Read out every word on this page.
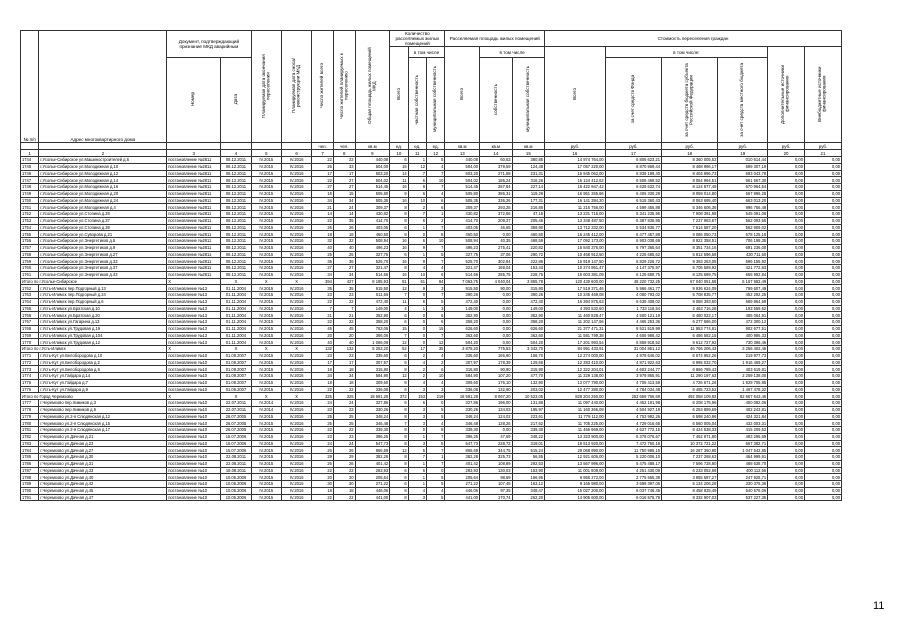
№ п/п	Адрес многоквартирного дома	Документ, подтверждающий признание МКД аварийным		Планируемая дата окончания переселения	Планируемая дата сноса/ реконструкции МКД	Число жителей всего	Число жителей планируемых к переселению	Общая площадь жилых помещений МКД	Количество расселяемых жилых помещений			Расселяемая площадь жилых помещений			Стоимость переселения граждан					
									Всего	в том числе		Всего	в том числе		Всего	в том числе:			Дополнительные источники финансирования	Внебюджетные источники финансирования
		Номер	Дата							частная собственность	муниципальная собственность		собственность	муниципальная собственность		за счет средств Фонда	за счет средств бюджета субъекта Российской Федерации	за счет средств местного бюджета		
						чел.	чел.	кв.м	ед.	ед.	ед.	кв.м	кв.м	кв.м	руб.	руб.	руб.	руб.	руб.	руб.
1	2	3	4	5	6	7	8	9	10	11	12	13	14	15	16	17	18	19	20	21
1744	г.Усолье-Сибирское ул.Машиностроителей д.6	постановление №2811	08.12.2011	IV.2015	IV.2016	22	22	440,08	6	1	5	440,08	60,63	380,85	14 974 764,00	6 806 623,21	8 360 005,52	010 614,44	0,00	0,00
1745	г.Усолье-Сибирское ул.Молодежная д.10	постановление №2811	08.12.2011	IV.2015	IV.2016	26	33	504,00	16	12	4	504,00	379,59	124,48	17 057 220,00	6 870 969,44	8 468 996,17	699 307,19	0,00	0,00
1746	г.Усолье-Сибирское ул.Молодежная д.12	постановление №2811	08.12.2011	IV.2015	IV.2016	17	17	503,20	14	7	7	503,20	271,58	231,31	16 945 062,00	6 839 199,40	8 404 996,73	693 043,78	0,00	0,00
1747	г.Усолье-Сибирское ул.Молодежная д.14	постановление №2811	08.12.2011	IV.2015	IV.2016	22	27	504,02	11	6	10	504,02	186,24	316,26	16 124 412,62	6 508 469,52	8 054 994,51	661 567,30	0,00	0,00
1748	г.Усолье-Сибирское ул.Молодежная д.16	постановление №2811	08.12.2011	IV.2015	IV.2016	27	27	514,45	16	9	7	514,45	287,84	227,14	16 422 947,42	6 628 632,74	8 124 877,48	670 964,54	0,00	0,00
1749	г.Усолье-Сибирское ул.Молодежная д.20	постановление №2811	08.12.2011	IV.2015	IV.2016	15	15	505,80	9	6	4	505,80	386,31	119,29	16 951 265,66	6 406 330,29	8 059 014,80	667 996,28	0,00	0,00
1750	г.Усолье-Сибирское ул.Молодежная д.24	постановление №2811	08.12.2011	IV.2015	IV.2016	34	34	505,35	16	10	6	505,35	336,26	177,31	16 141 394,20	6 515 360,43	8 063 695,40	663 013,20	0,00	0,00
1751	г.Усолье-Сибирское ул.Молодежная д.4	постановление №2811	08.12.2011	IV.2015	IV.2016	21	24	309,37	8	2	6	309,37	293,25	216,85	11 216 756,00	4 599 455,88	5 346 606,36	996 756,48	0,00	0,00
1752	г.Усолье-Сибирское ул.Стопина д.28	постановление №2811	08.12.2011	IV.2015	IV.2016	14	14	430,82	8	7	1	430,82	372,66	47,16	13 231 716,00	5 341 235,96	7 908 391,98	545 091,06	0,00	0,00
1753	г.Усолье-Сибирское ул.Стопина д.37	постановление №2811	08.12.2011	IV.2015	IV.2016	22	35	414,70	8	6	2	414,70	209,37	205,46	13 348 487,50	5 387 836,95	7 237 963,67	562 093,66	0,00	0,00
1754	г.Усолье-Сибирское ул.Стопина д.39	постановление №2811	08.12.2011	IV.2015	IV.2016	26	26	403,05	6	1	7	403,05	46,65	359,90	13 712 332,00	5 534 836,77	7 614 587,20	562 909,02	0,00	0,00
1755	г.Усолье-Сибирское ул.Суворова д.21	постановление №2811	08.12.2011	IV.2015	IV.2016	18	18	460,50	8	0	8	460,50	0,00	460,50	16 245 412,00	6 477 457,88	9 086 050,73	678 125,18	0,00	0,00
1756	г.Усолье-Сибирское ул.Энергетиков д.5	постановление №2811	08.12.2011	IV.2015	IV.2016	32	32	508,94	16	6	10	508,94	40,35	468,59	17 092 173,00	6 903 038,69	8 922 358,51	706 198,35	0,00	0,00
1757	г.Усолье-Сибирское ул.Энергетиков д.9	постановление №2811	08.12.2011	IV.2015	IV.2016	40	40	496,23	16	9	7	496,23	275,41	220,82	16 840 376,00	6 797 365,64	8 351 734,16	691 236,00	0,00	0,00
1758	г.Усолье-Сибирское ул.Энергетиков д.27	постановление №2811	08.12.2011	IV.2015	IV.2016	25	25	327,75	6	1	5	327,75	37,06	290,72	10 468 912,50	4 225 685,62	5 812 596,58	430 711,50	0,00	0,00
1759	г.Усолье-Сибирское ул.Энергетиков д.33	постановление №2811	08.12.2011	IV.2015	IV.2016	35	35	525,70	16	9	7	525,70	302,84	222,86	16 919 147,50	6 829 226,72	9 393 263,05	696 155,92	0,00	0,00
1760	г.Усолье-Сибирское ул.Энергетиков д.37	постановление №2811	08.12.2011	IV.2015	IV.2016	27	27	321,47	8	4	4	321,47	168,04	153,43	10 274 861,47	4 147 375,97	5 705 589,92	421 772,83	0,00	0,00
1761	г.Усолье-Сибирское ул.Энергетиков д.43	постановление №2811	08.12.2011	IV.2015	IV.2016	34	34	514,66	16	10	6	514,66	285,75	228,75	16 603 381,09	6 125 689,75	8 125 689,75	656 992,84	0,00	0,00
Итого по г.Усолье-Сибирское		Х	Х	Х	Х	394	427	8 195,93	81	61	84	7 063,75	4 040,04	3 865,78	120 430 600,00	48 220 732,25	67 040 051,58	5 167 582,49	0,00	0,00
1762	г.Усть-Илимск пер.Подгорный д.13	постановление №13	01.11.2004	IV.2015	IV.2016	35	35	915,50	12	9	3	915,50	90,00	315,90	17 519 371,46	5 966 461,77	9 936 624,09	799 607,49	0,00	0,00
1763	г.Усть-Илимск пер.Подгорный д.24	постановление №13	01.11.2004	IV.2015	IV.2016	23	23	511,66	7	0	7	390,26	0,00	390,26	10 245 469,08	4 080 793,02	5 708 835,77	452 292,25	0,00	0,00
1764	г.Усть-Илимск пер.Подгорный д.6	постановление №13	01.11.2004	IV.2015	IV.2016	22	22	472,40	11	6	5	472,40	0,00	472,40	16 394 875,63	6 639 408,02	9 068 393,60	689 864,59	0,00	0,00
1765	г.Усть-Илимск ул.Братская д.10	постановление №13	01.11.2004	IV.2015	IV.2016	7	7	149,00	4	1	3	149,00	0,00	149,00	4 393 532,60	1 733 118,54	2 463 716,28	193 559,62	0,00	0,00
1766	г.Усть-Илимск ул.Братская д.20	постановление №13	01.11.2004	IV.2015	IV.2016	21	21	352,90	6	0	6	352,90	0,00	352,90	11 460 828,47	4 500 121,19	6 480 022,17	485 064,91	0,00	0,00
1767	г.Усть-Илимск ул.Гагарина д.13	постановление №13	01.11.2004	IV.2015	IV.2016	22	22	358,20	6	0	6	358,20	0,00	358,20	11 202 147,66	4 465 253,36	6 277 586,00	472 300,12	0,00	0,00
1768	г.Усть-Илимск ул.Трудовая д.19	постановление №13	01.11.2004	IV.2015	IV.2016	45	45	763,06	15	0	15	626,60	0,00	626,60	21 377 471,31	8 521 519,99	11 953 774,81	902 677,51	0,00	0,00
1769	г.Усть-Илимск ул.Трудовая д.104	постановление №13	01.11.2004	IV.2015	IV.2016	20	20	366,06	7	0	7	362,60	0,00	362,60	11 581 799,38	4 606 988,42	6 486 582,15	400 986,33	0,00	0,00
1770	г.Усть-Илимск ул.Трудовая д.12	постановление №13	01.11.2004	IV.2015	IV.2016	40	40	1 066,08	12	0	12	504,20	0,00	504,20	17 201 993,54	6 858 918,52	9 612 727,92	730 396,46	0,00	0,00
Итого по г.Усть-Илимск		Х	Х	Х	Х	132	132	5 263,20	52	17	35	3 878,20	775,53	3 342,70	84 991 433,91	31 004 851,12	46 766 206,43	3 256 402,46	0,00	0,00
1771	г.Усть-Кут ул.Белобородова д.10	постановление №10	01.09.2007	IV.2015	IV.2016	23	23	335,60	6	2	4	335,60	166,90	168,70	12 274 000,00	4 978 646,02	6 674 952,26	219 977,73	0,00	0,00
1772	г.Усть-Кут ул.Белобородова д.2	постановление №10	01.09.2007	IV.2015	IV.2016	17	17	307,97	6	4	2	307,97	178,39	129,66	12 283 410,00	4 871 922,63	6 995 032,70	1 916 469,27	0,00	0,00
1773	г.Усть-Кут ул.Белобородова д.6	постановление №10	01.09.2007	IV.2015	IV.2016	18	18	315,80	8	2	6	315,80	90,90	315,90	12 322 204,01	4 603 244,77	6 866 789,43	403 619,81	0,00	0,00
1774	г.Усть-Кут ул.Гайдара д.14	постановление №10	01.09.2007	IV.2015	IV.2016	34	34	584,90	12	2	10	584,90	107,20	477,70	11 229 138,00	3 979 865,91	11 290 197,63	2 259 138,00	0,00	0,00
1775	г.Усть-Кут ул.Гайдара д.7	постановление №10	01.09.2007	IV.2015	IV.2016	18	18	309,60	8	4	4	309,60	176,10	132,90	13 077 790,00	4 705 413,59	4 726 671,26	1 929 705,85	0,00	0,00
1776	г.Усть-Кут ул.Гайдара д.9	постановление №10	01.09.2007	IV.2015	IV.2016	22	22	336,08	6	3	3	336,08	132,90	203,02	12 477 280,00	4 784 034,48	6 485 723,52	1 467 478,32	0,00	0,00
Итого по Город Черемхово		Х	Х	Х	Х	325	325	18 591,28	372	153	219	18 591,28	8 067,20	10 523,05	828 204 250,00	253 669 766,69	492 058 109,83	82 667 643,46	0,00	0,00
1777	г.Черемхово пер.Химиков д.3	постановление №10	22.07.2011	IV.2014	IV.2016	24	24	327,86	6	6	0	327,86	196,00	131,86	11 097 440,00	4 452 181,98	6 208 175,96	400 082,06	0,00	0,00
1778	г.Черемхово пер.Химиков д.5	постановление №10	22.07.2011	IV.2014	IV.2016	23	23	330,26	8	3	5	330,26	134,03	195,97	11 160 366,09	4 504 927,19	6 253 889,69	402 243,81	0,00	0,00
1779	г.Черемхово ул.2-я Слюдянская д.12	постановление №10	26.07.2005	IV.2015	IV.2016	25	25	348,24	8	3	5	348,24	124,02	223,61	11 779 112,00	4 753 992,26	6 598 240,96	424 321,84	0,00	0,00
1780	г.Черемхово ул.2-я Слюдянская д.15	постановление №10	26.07.2005	IV.2015	IV.2016	25	25	346,48	7	3	4	346,48	128,26	217,62	11 705 225,00	4 729 016,65	6 560 005,04	432 003,31	0,00	0,00
1781	г.Черемхово ул.2-я Слюдянская д.17	постановление №10	26.07.2005	IV.2015	IV.2016	22	22	339,30	8	0	8	339,30	0,00	339,30	11 466 969,00	4 627 772,15	6 424 538,33	415 209,52	0,00	0,00
1782	г.Черемхово ул.Дачная д.21	постановление №10	15.07.2006	IV.2015	IV.2016	23	23	396,25	8	1	7	396,25	47,69	348,22	13 323 900,00	5 378 076,67	7 462 871,80	483 295,69	0,00	0,00
1783	г.Черемхово ул.Дачная д.23	постановление №10	15.07.2006	IV.2015	IV.2016	24	24	547,73	8	3	5	547,73	228,72	319,01	18 513 920,00	7 472 760,18	10 372 721,22	667 382,71	0,00	0,00
1784	г.Черемхово ул.Дачная д.27	постановление №10	15.07.2006	IV.2015	IV.2016	26	26	866,69	12	5	7	866,69	344,75	515,24	29 068 990,00	11 750 985,15	16 287 360,80	1 047 642,85	0,00	0,00
1785	г.Черемхово ул.Дачная д.30	постановление №10	22.08.2011	IV.2015	IV.2016	29	29	382,28	8	7	1	382,28	325,73	56,55	12 921 605,00	5 220 006,10	7 237 268,63	464 999,91	0,00	0,00
1786	г.Черемхово ул.Дачная д.31	постановление №10	22.08.2011	IV.2015	IV.2016	26	26	401,42	8	1	7	401,42	108,89	292,53	13 567 996,00	5 475 488,17	7 596 728,80	488 638,70	0,00	0,00
1787	г.Черемхово ул.Дачная д.33	постановление №10	18.08.2011	IV.2015	IV.2016	22	22	283,93	6	6	0	283,93	130,03	153,90	11 001 609,00	4 251 430,09	6 233 052,68	400 112,55	0,00	0,00
1788	г.Черемхово ул.Дачная д.40	постановление №10	10.05.2006	IV.2015	IV.2016	20	20	205,64	6	1	5	205,64	98,69	166,95	6 956 272,00	2 775 555,38	3 855 587,27	247 928,71	0,00	0,00
1789	г.Черемхово ул.Дачная д.42	постановление №10	10.05.2006	IV.2015	IV.2016	30	30	271,22	6	1	5	271,22	107,48	163,12	9 165 980,00	3 699 397,06	5 134 206,28	330 375,36	0,00	0,00
1790	г.Черемхово ул.Дачная д.45	постановление №10	10.05.2006	IV.2015	IV.2016	18	18	446,06	8	4	4	446,06	97,35	348,47	15 027 200,00	6 037 748,45	8 458 825,49	540 576,06	0,00	0,00
1791	г.Черемхово ул.Дачная д.47	постановление №10	10.05.2006	IV.2015	IV.2016	22	22	441,00	8	3	5	441,00	170,74	262,20	14 905 600,00	6 016 575,79	8 332 907,03	537 227,35	0,00	0,00
11
